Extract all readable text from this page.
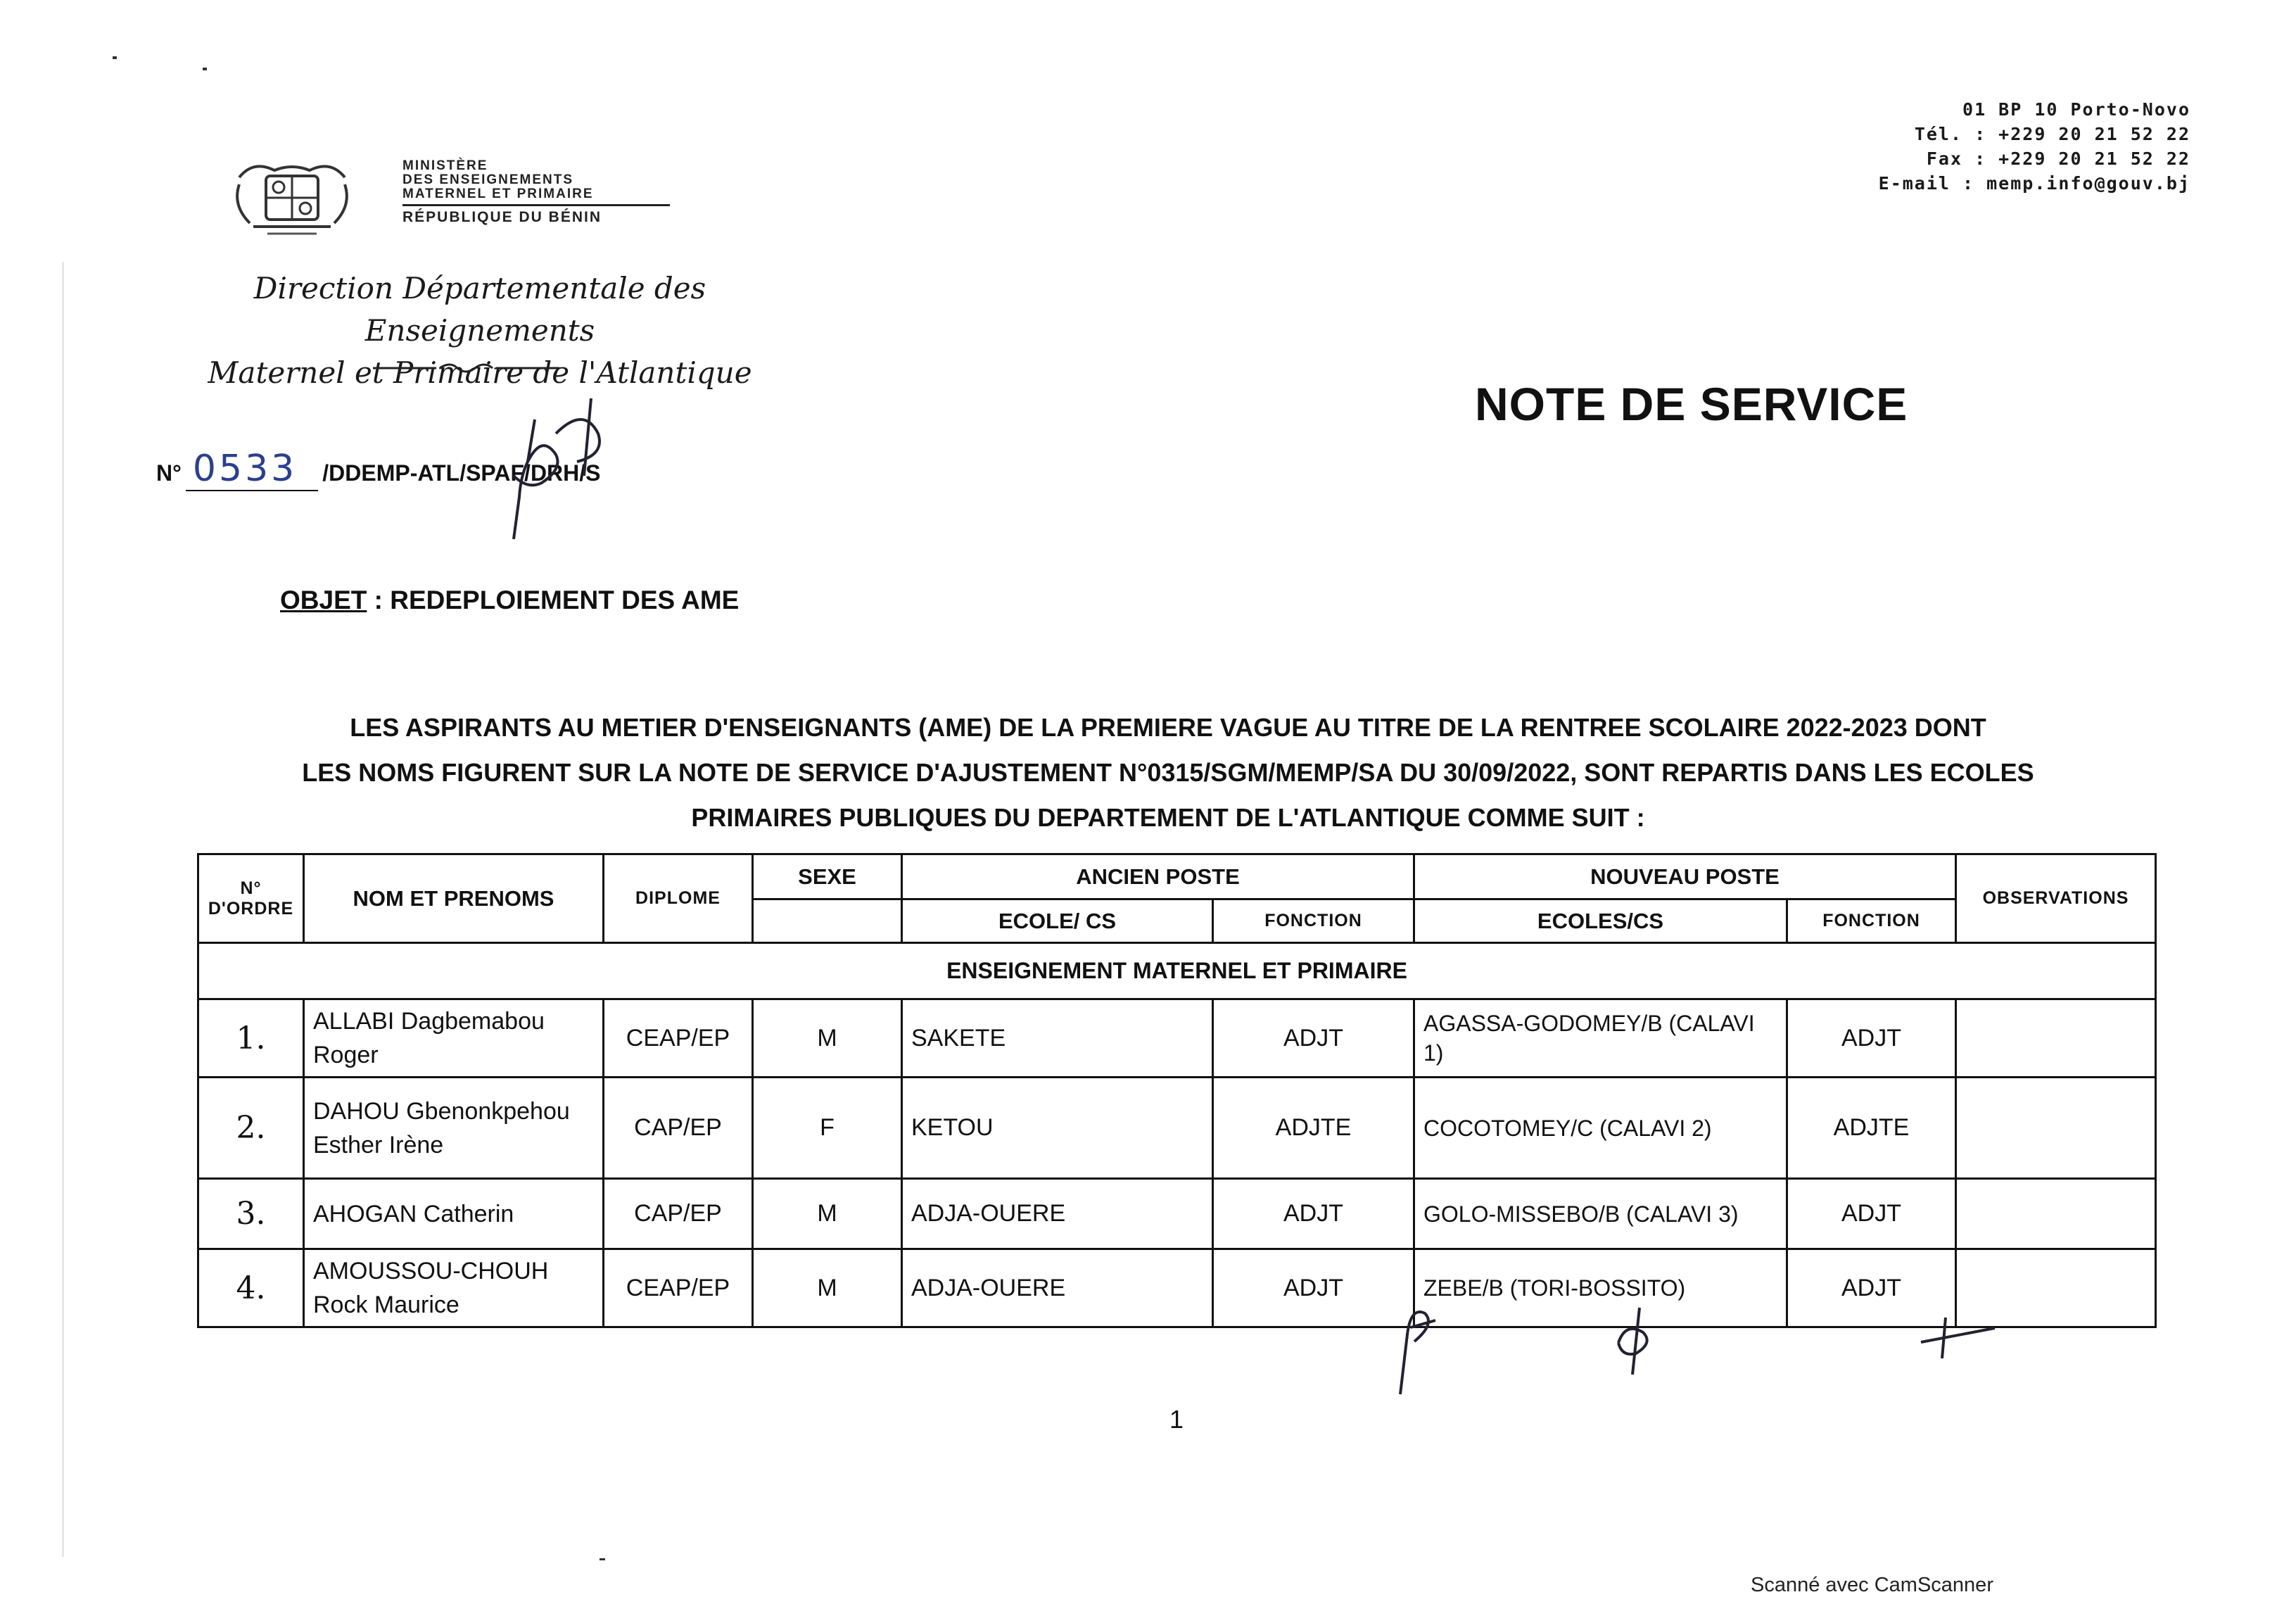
01 BP 10 Porto-Novo
Tél. : +229 20 21 52 22
Fax : +229 20 21 52 22
E-mail : memp.info@gouv.bj
MINISTÈRE
DES ENSEIGNEMENTS
MATERNEL ET PRIMAIRE
RÉPUBLIQUE DU BÉNIN
Direction Départementale des Enseignements
Maternel et Primaire de l'Atlantique
NOTE DE SERVICE
N° 0533 /DDEMP-ATL/SPAF/DRH/S
OBJET : REDEPLOIEMENT DES AME
LES ASPIRANTS AU METIER D'ENSEIGNANTS (AME) DE LA PREMIERE VAGUE AU TITRE DE LA RENTREE SCOLAIRE 2022-2023 DONT
LES NOMS FIGURENT SUR LA NOTE DE SERVICE D'AJUSTEMENT N°0315/SGM/MEMP/SA DU 30/09/2022, SONT REPARTIS DANS LES ECOLES
PRIMAIRES PUBLIQUES DU DEPARTEMENT DE L'ATLANTIQUE COMME SUIT :
N° D'ORDRE	NOM ET PRENOMS	DIPLOME	SEXE	ANCIEN POSTE		NOUVEAU POSTE		OBSERVATIONS
				ECOLE/ CS	FONCTION	ECOLES/CS	FONCTION	
ENSEIGNEMENT MATERNEL ET PRIMAIRE								
1.	ALLABI Dagbemabou Roger	CEAP/EP	M	SAKETE	ADJT	AGASSA-GODOMEY/B (CALAVI 1)	ADJT	
2.	DAHOU Gbenonkpehou Esther Irène	CAP/EP	F	KETOU	ADJTE	COCOTOMEY/C (CALAVI 2)	ADJTE	
3.	AHOGAN Catherin	CAP/EP	M	ADJA-OUERE	ADJT	GOLO-MISSEBO/B (CALAVI 3)	ADJT	
4.	AMOUSSOU-CHOUH Rock Maurice	CEAP/EP	M	ADJA-OUERE	ADJT	ZEBE/B (TORI-BOSSITO)	ADJT	
1
Scanné avec CamScanner
